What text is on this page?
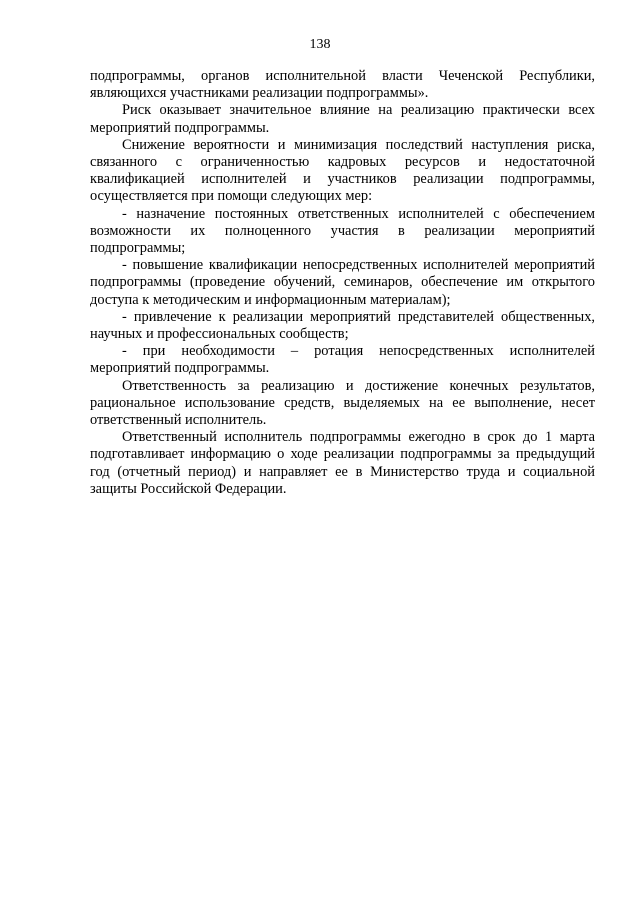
138

подпрограммы, органов исполнительной власти Чеченской Республики, являющихся участниками реализации подпрограммы».

Риск оказывает значительное влияние на реализацию практически всех мероприятий подпрограммы.

Снижение вероятности и минимизация последствий наступления риска, связанного с ограниченностью кадровых ресурсов и недостаточной квалификацией исполнителей и участников реализации подпрограммы, осуществляется при помощи следующих мер:

- назначение постоянных ответственных исполнителей с обеспечением возможности их полноценного участия в реализации мероприятий подпрограммы;

- повышение квалификации непосредственных исполнителей мероприятий подпрограммы (проведение обучений, семинаров, обеспечение им открытого доступа к методическим и информационным материалам);

- привлечение к реализации мероприятий представителей общественных, научных и профессиональных сообществ;

- при необходимости – ротация непосредственных исполнителей мероприятий подпрограммы.

Ответственность за реализацию и достижение конечных результатов, рациональное использование средств, выделяемых на ее выполнение, несет ответственный исполнитель.

Ответственный исполнитель подпрограммы ежегодно в срок до 1 марта подготавливает информацию о ходе реализации подпрограммы за предыдущий год (отчетный период) и направляет ее в Министерство труда и социальной защиты Российской Федерации.
